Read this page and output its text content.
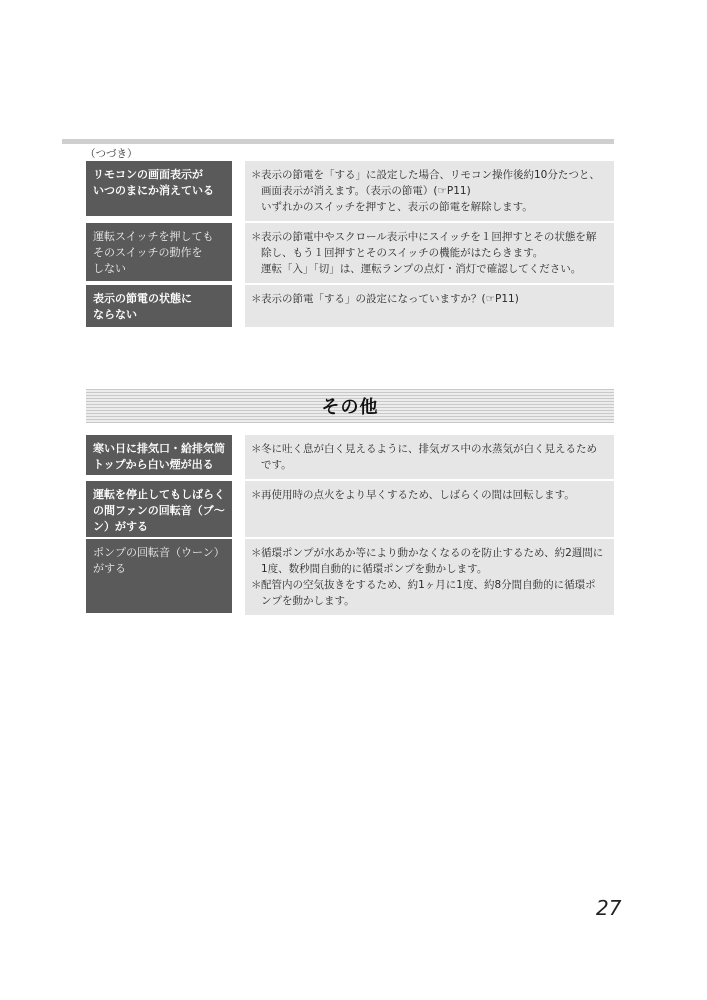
（つづき）
リモコンの画面表示が
いつのまにか消えている
＊ 表示の節電を「する」に設定した場合、リモコン操作後約10分たつと、画面表示が消えます。（表示の節電）(☞P11)
いずれかのスイッチを押すと、表示の節電を解除します。
運転スイッチを押しても
そのスイッチの動作を
しない
＊ 表示の節電中やスクロール表示中にスイッチを１回押すとその状態を解除し、もう１回押すとそのスイッチの機能がはたらきます。
運転「入」「切」は、運転ランプの点灯・消灯で確認してください。
表示の節電の状態に
ならない
＊ 表示の節電「する」の設定になっていますか？(☞P11)
その他
寒い日に排気口・給排気筒トップから白い煙が出る
＊ 冬に吐く息が白く見えるように、排気ガス中の水蒸気が白く見えるためです。
運転を停止してもしばらくの間ファンの回転音（ブ～ン）がする
＊ 再使用時の点火をより早くするため、しばらくの間は回転します。
ポンプの回転音（ウーン）がする
＊ 循環ポンプが水あか等により動かなくなるのを防止するため、約2週間に1度、数秒間自動的に循環ポンプを動かします。
＊ 配管内の空気抜きをするため、約1ヶ月に1度、約8分間自動的に循環ポンプを動かします。
27
